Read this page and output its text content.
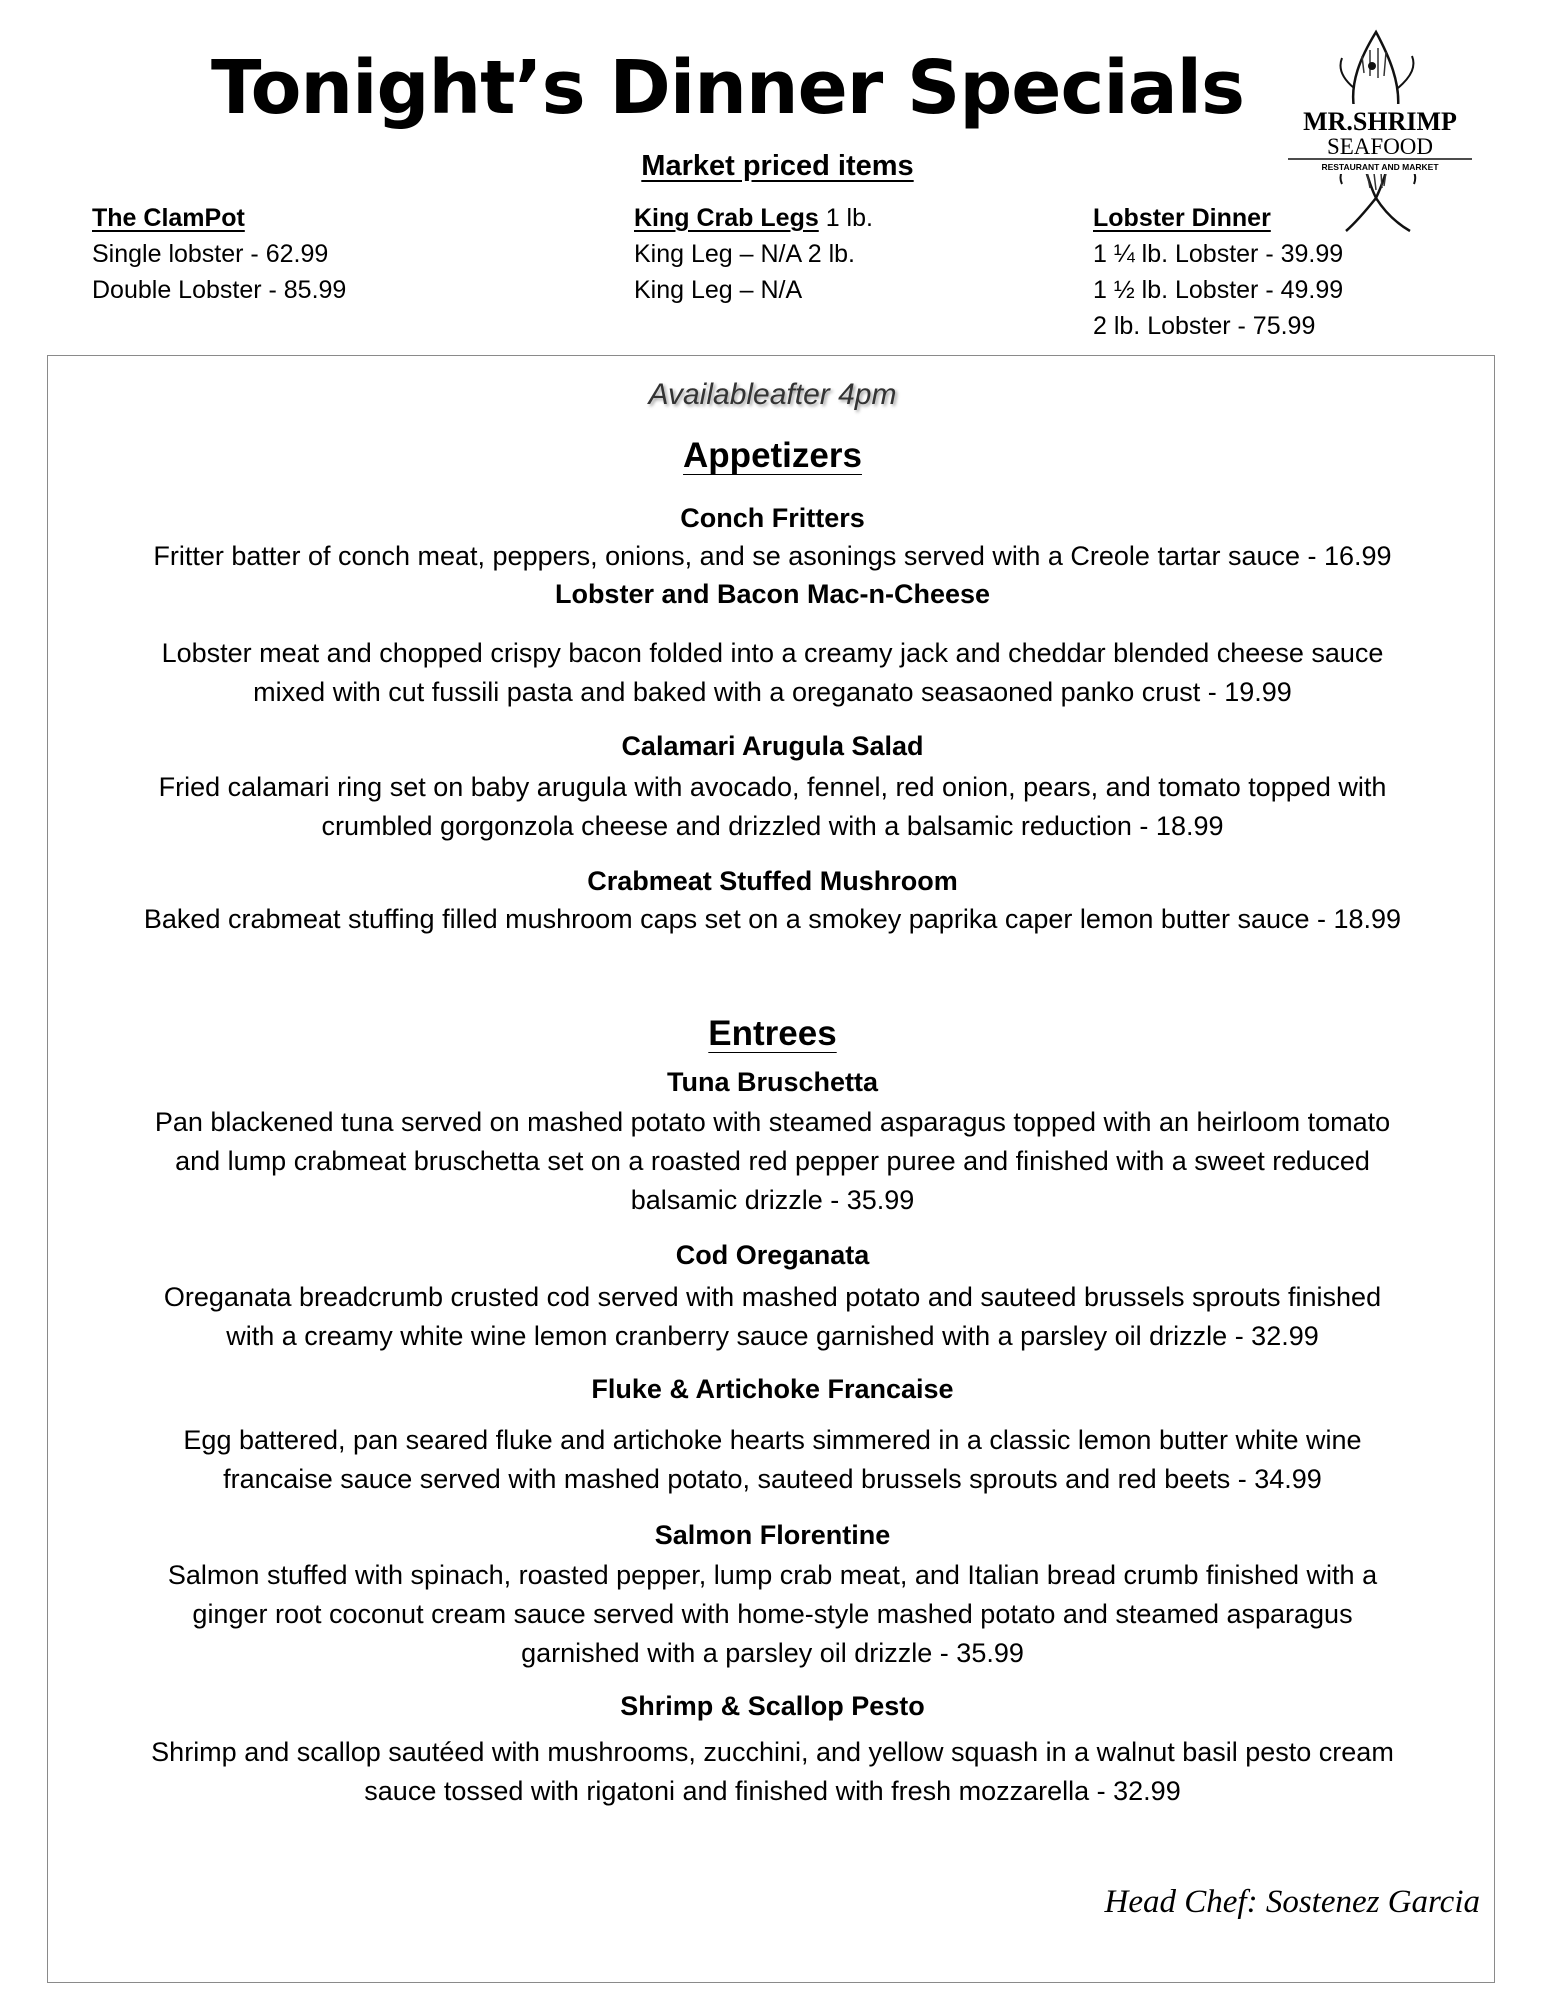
Tonight’s Dinner Specials
Market priced items
MR.SHRIMP
SEAFOOD
RESTAURANT AND MARKET
The ClamPot
Single lobster - 62.99
Double Lobster - 85.99
King Crab Legs 1 lb.
King Leg – N/A 2 lb.
King Leg – N/A
Lobster Dinner
1 ¼ lb. Lobster - 39.99
1 ½ lb. Lobster - 49.99
2 lb. Lobster - 75.99
Availableafter 4pm
Appetizers
Conch Fritters
Fritter batter of conch meat, peppers, onions, and se asonings served with a Creole tartar sauce - 16.99
Lobster and Bacon Mac-n-Cheese
Lobster meat and chopped crispy bacon folded into a creamy jack and cheddar blended cheese sauce
mixed with cut fussili pasta and baked with a oreganato seasaoned panko crust - 19.99
Calamari Arugula Salad
Fried calamari ring set on baby arugula with avocado, fennel, red onion, pears, and tomato topped with
crumbled gorgonzola cheese and drizzled with a balsamic reduction - 18.99
Crabmeat Stuffed Mushroom
Baked crabmeat stuffing filled mushroom caps set on a smokey paprika caper lemon butter sauce - 18.99
Entrees
Tuna Bruschetta
Pan blackened tuna served on mashed potato with steamed asparagus topped with an heirloom tomato
and lump crabmeat bruschetta set on a roasted red pepper puree and finished with a sweet reduced
balsamic drizzle - 35.99
Cod Oreganata
Oreganata breadcrumb crusted cod served with mashed potato and sauteed brussels sprouts finished
with a creamy white wine lemon cranberry sauce garnished with a parsley oil drizzle - 32.99
Fluke & Artichoke Francaise
Egg battered, pan seared fluke and artichoke hearts simmered in a classic lemon butter white wine
francaise sauce served with mashed potato, sauteed brussels sprouts and red beets - 34.99
Salmon Florentine
Salmon stuffed with spinach, roasted pepper, lump crab meat, and Italian bread crumb finished with a
ginger root coconut cream sauce served with home-style mashed potato and steamed asparagus
garnished with a parsley oil drizzle - 35.99
Shrimp & Scallop Pesto
Shrimp and scallop sautéed with mushrooms, zucchini, and yellow squash in a walnut basil pesto cream
sauce tossed with rigatoni and finished with fresh mozzarella - 32.99
Head Chef: Sostenez Garcia
